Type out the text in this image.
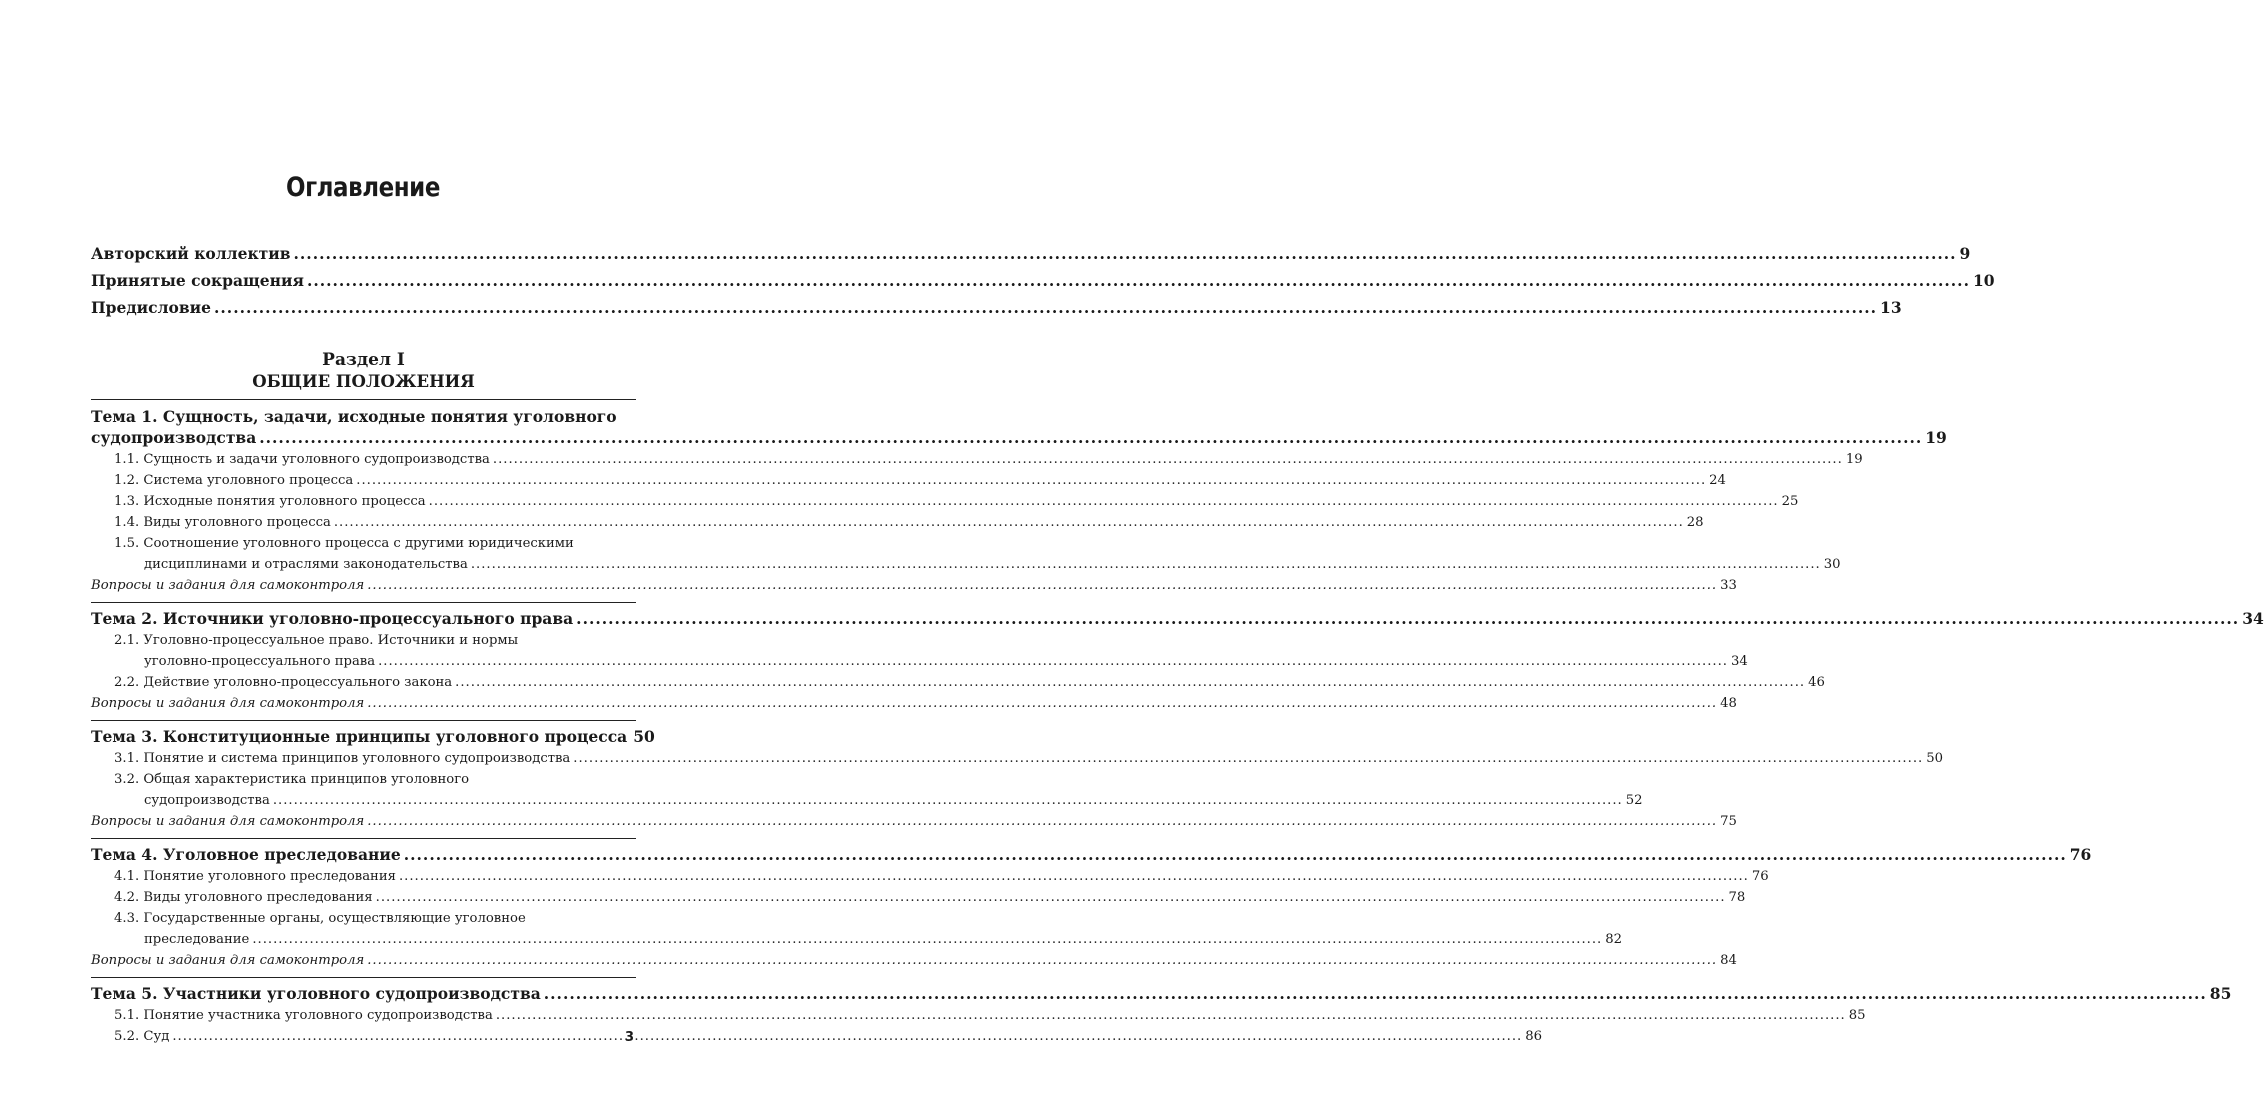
Оглавление
Авторский коллектив .....	9
Принятые сокращения .....	10
Предисловие .....	13
Раздел I
ОБЩИЕ ПОЛОЖЕНИЯ
Тема 1. Сущность, задачи, исходные понятия уголовного
судопроизводства .....	19
1.1. Сущность и задачи уголовного судопроизводства .....	19
1.2. Система уголовного процесса .....	24
1.3. Исходные понятия уголовного процесса .....	25
1.4. Виды уголовного процесса .....	28
1.5. Соотношение уголовного процесса с другими юридическими
дисциплинами и отраслями законодательства .....	30
Вопросы и задания для самоконтроля .....	33
Тема 2. Источники уголовно-процессуального права .....	34
2.1. Уголовно-процессуальное право. Источники и нормы
уголовно-процессуального права .....	34
2.2. Действие уголовно-процессуального закона .....	46
Вопросы и задания для самоконтроля .....	48
Тема 3. Конституционные принципы уголовного процесса 50
3.1. Понятие и система принципов уголовного судопроизводства .....	50
3.2. Общая характеристика принципов уголовного
судопроизводства .....	52
Вопросы и задания для самоконтроля .....	75
Тема 4. Уголовное преследование .....	76
4.1. Понятие уголовного преследования .....	76
4.2. Виды уголовного преследования .....	78
4.3. Государственные органы, осуществляющие уголовное
преследование .....	82
Вопросы и задания для самоконтроля .....	84
Тема 5. Участники уголовного судопроизводства .....	85
5.1. Понятие участника уголовного судопроизводства .....	85
5.2. Суд .....	86
3
